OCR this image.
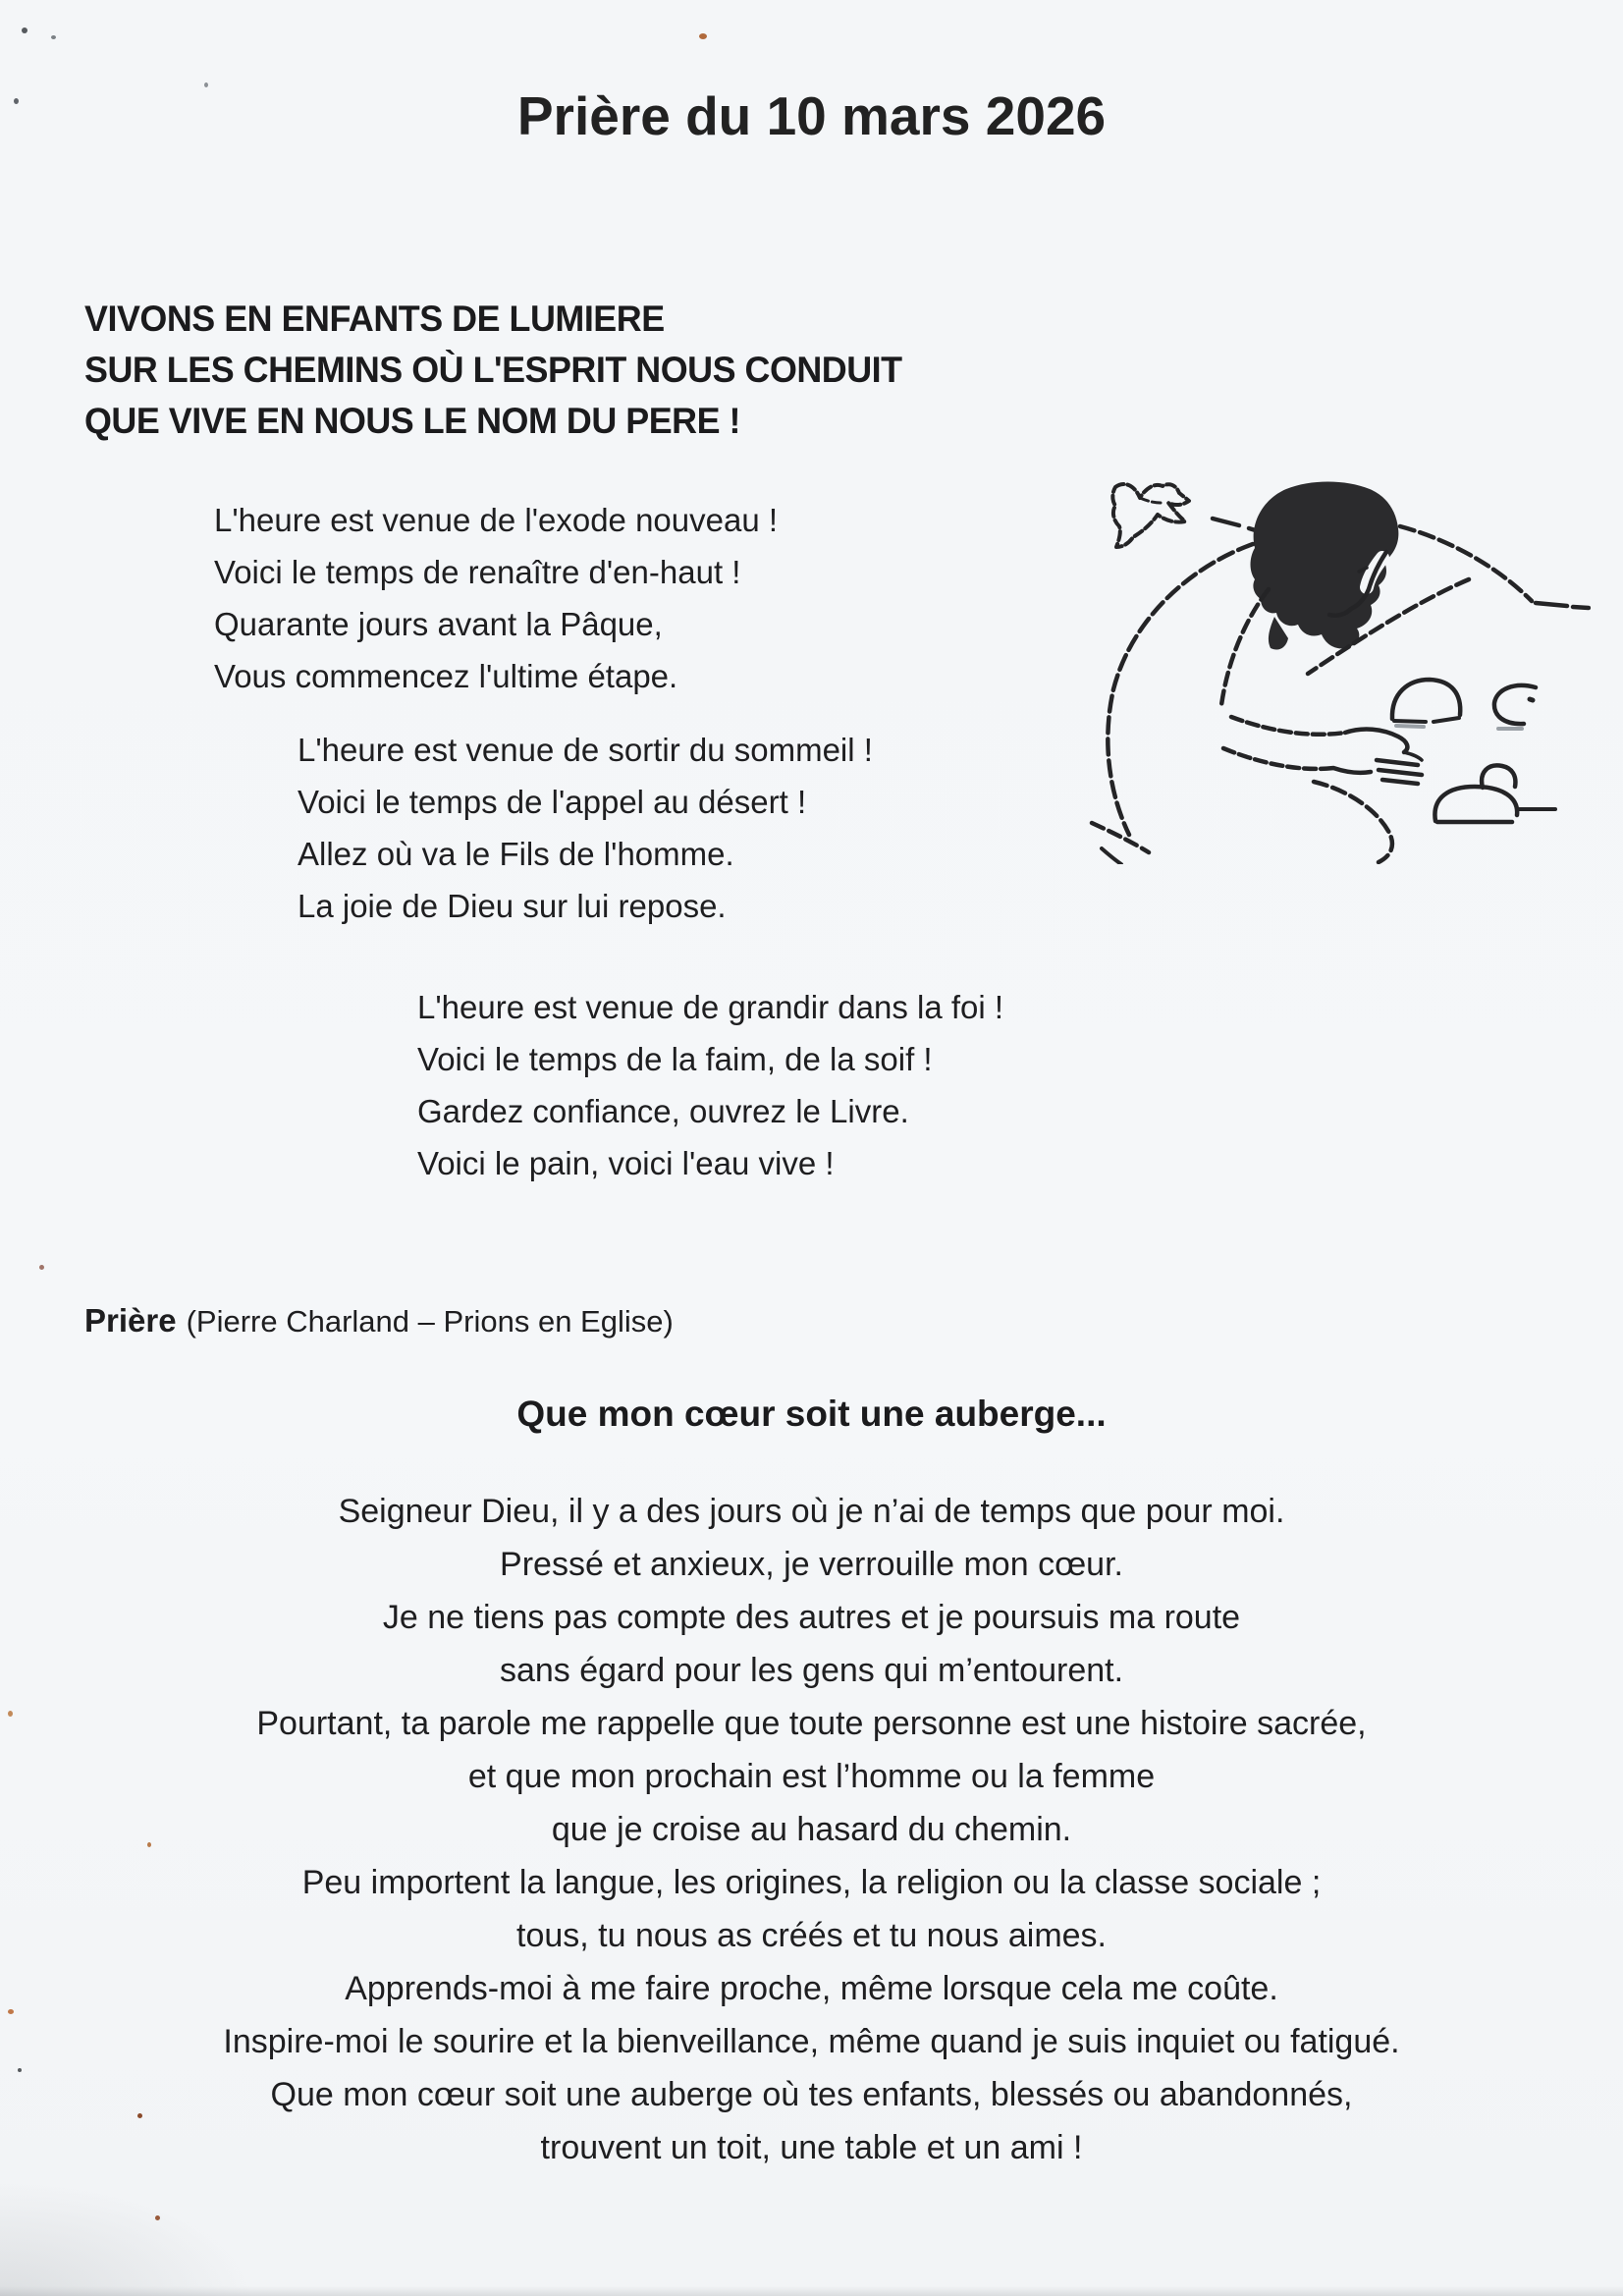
Prière du 10 mars 2026
VIVONS EN ENFANTS DE LUMIERE
SUR LES CHEMINS OÙ L'ESPRIT NOUS CONDUIT
QUE VIVE EN NOUS LE NOM DU PERE !
L'heure est venue de l'exode nouveau !
Voici le temps de renaître d'en-haut !
Quarante jours avant la Pâque,
Vous commencez l'ultime étape.
L'heure est venue de sortir du sommeil !
Voici le temps de l'appel au désert !
Allez où va le Fils de l'homme.
La joie de Dieu sur lui repose.
L'heure est venue de grandir dans la foi !
Voici le temps de la faim, de la soif !
Gardez confiance, ouvrez le Livre.
Voici le pain, voici l'eau vive !
Prière (Pierre Charland – Prions en Eglise)
Que mon cœur soit une auberge...
Seigneur Dieu, il y a des jours où je n’ai de temps que pour moi.
Pressé et anxieux, je verrouille mon cœur.
Je ne tiens pas compte des autres et je poursuis ma route
sans égard pour les gens qui m’entourent.
Pourtant, ta parole me rappelle que toute personne est une histoire sacrée,
et que mon prochain est l’homme ou la femme
que je croise au hasard du chemin.
Peu importent la langue, les origines, la religion ou la classe sociale ;
tous, tu nous as créés et tu nous aimes.
Apprends-moi à me faire proche, même lorsque cela me coûte.
Inspire-moi le sourire et la bienveillance, même quand je suis inquiet ou fatigué.
Que mon cœur soit une auberge où tes enfants, blessés ou abandonnés,
trouvent un toit, une table et un ami !
